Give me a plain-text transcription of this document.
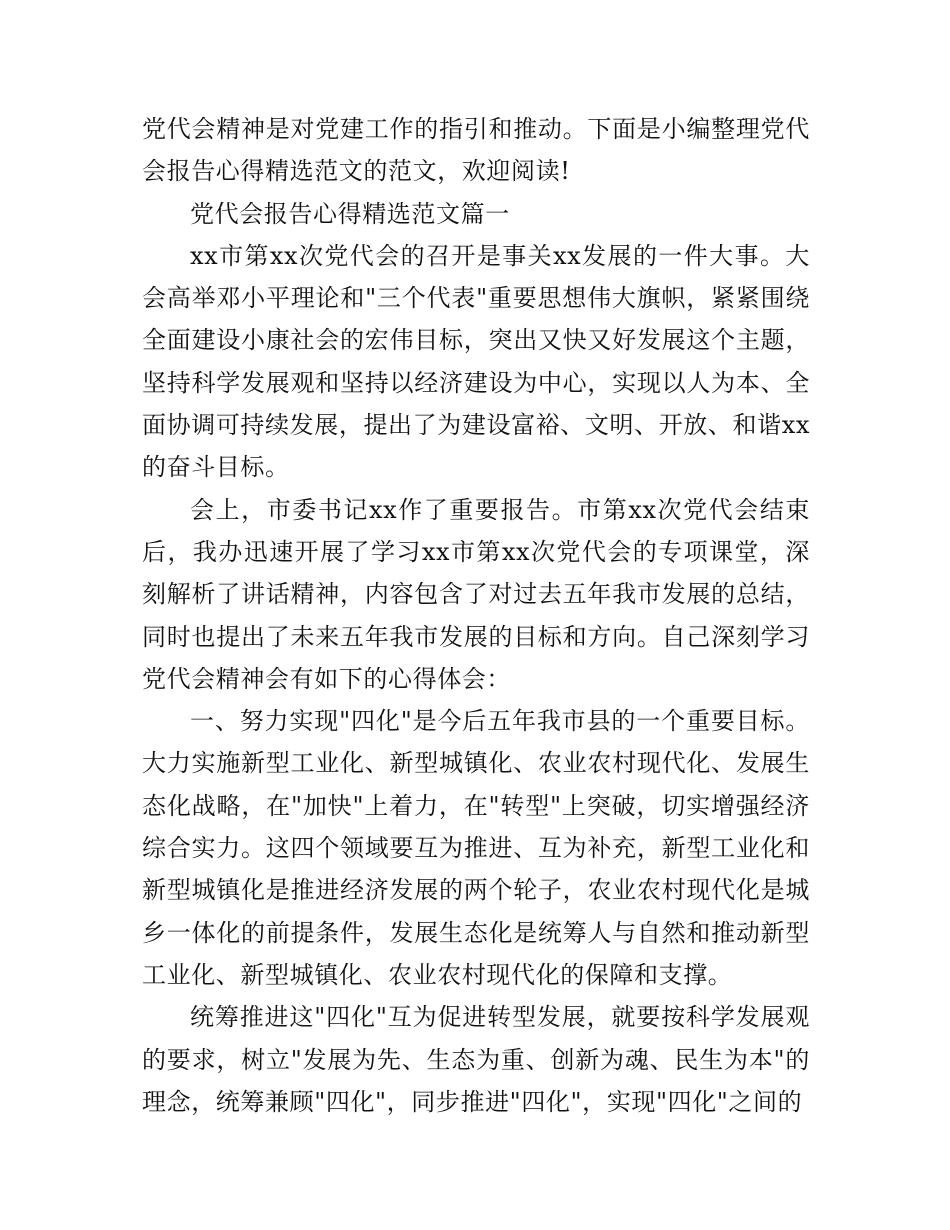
党代会精神是对党建工作的指引和推动。下面是小编整理党代会报告心得精选范文的范文，欢迎阅读!

党代会报告心得精选范文篇一

xx市第xx次党代会的召开是事关xx发展的一件大事。大会高举邓小平理论和"三个代表"重要思想伟大旗帜，紧紧围绕全面建设小康社会的宏伟目标，突出又快又好发展这个主题，坚持科学发展观和坚持以经济建设为中心，实现以人为本、全面协调可持续发展，提出了为建设富裕、文明、开放、和谐xx的奋斗目标。

会上，市委书记xx作了重要报告。市第xx次党代会结束后，我办迅速开展了学习xx市第xx次党代会的专项课堂，深刻解析了讲话精神，内容包含了对过去五年我市发展的总结，同时也提出了未来五年我市发展的目标和方向。自己深刻学习党代会精神会有如下的心得体会：

一、努力实现"四化"是今后五年我市县的一个重要目标。大力实施新型工业化、新型城镇化、农业农村现代化、发展生态化战略，在"加快"上着力，在"转型"上突破，切实增强经济综合实力。这四个领域要互为推进、互为补充，新型工业化和新型城镇化是推进经济发展的两个轮子，农业农村现代化是城乡一体化的前提条件，发展生态化是统筹人与自然和推动新型工业化、新型城镇化、农业农村现代化的保障和支撑。

统筹推进这"四化"互为促进转型发展，就要按科学发展观的要求，树立"发展为先、生态为重、创新为魂、民生为本"的理念，统筹兼顾"四化"，同步推进"四化"，实现"四化"之间的
